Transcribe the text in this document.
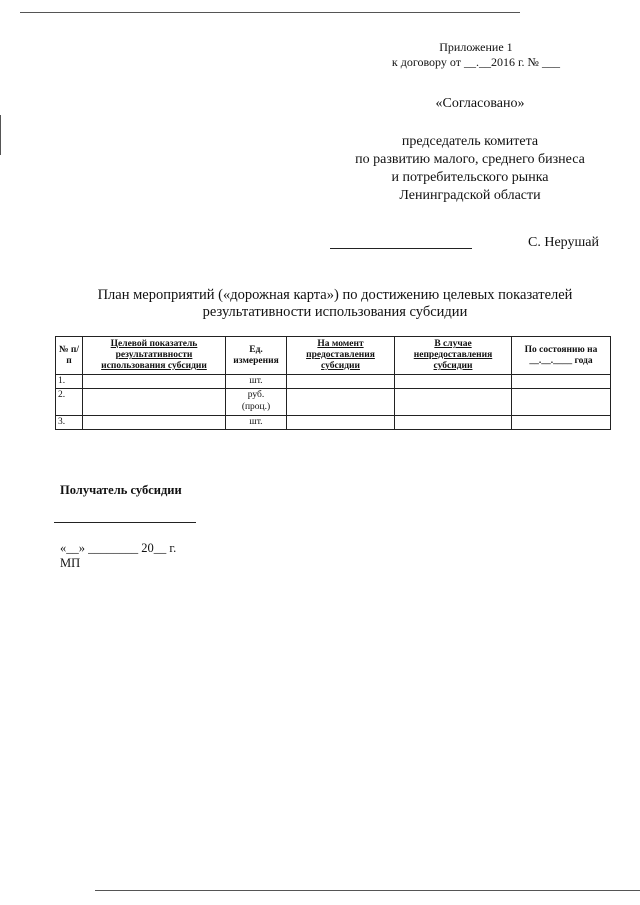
Приложение 1
к договору от __.__2016 г. № ___
«Согласовано»
председатель комитета
по развитию малого, среднего бизнеса
и потребительского рынка
Ленинградской области
С. Нерушай
План мероприятий («дорожная карта») по достижению целевых показателей
результативности использования субсидии
№ п/п	Целевой показатель результативности использования субсидии	Ед. измерения	На момент предоставления субсидии	В случае непредоставления субсидии	По состоянию на __.__.____ года
1.		шт.			
2.		руб. (проц.)			
3.		шт.			
Получатель субсидии
«__» ________ 20__ г.
МП
